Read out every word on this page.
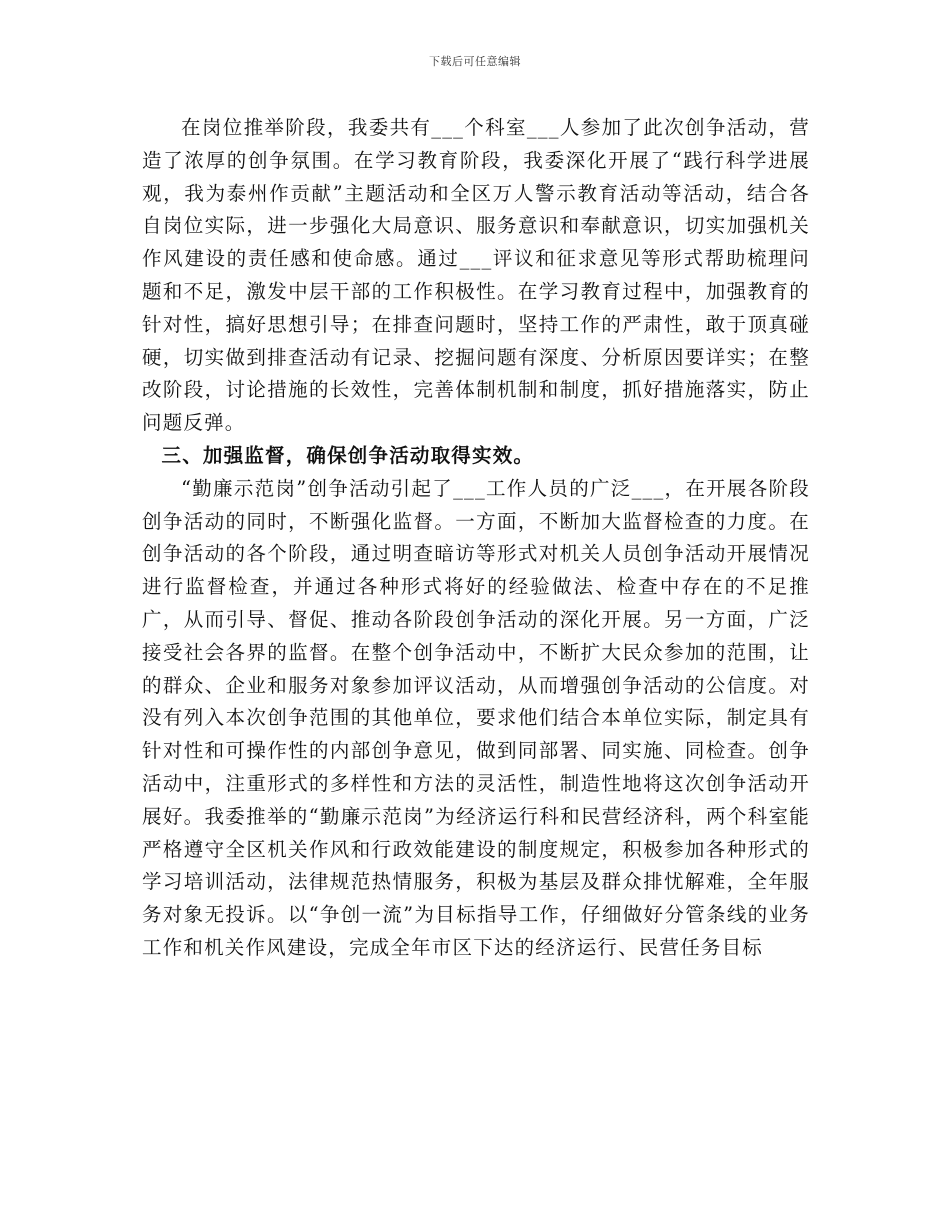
下载后可任意编辑

在岗位推举阶段，我委共有___个科室___人参加了此次创争活动，营造了浓厚的创争氛围。在学习教育阶段，我委深化开展了“践行科学进展观，我为泰州作贡献”主题活动和全区万人警示教育活动等活动，结合各自岗位实际，进一步强化大局意识、服务意识和奉献意识，切实加强机关作风建设的责任感和使命感。通过___评议和征求意见等形式帮助梳理问题和不足，激发中层干部的工作积极性。在学习教育过程中，加强教育的针对性，搞好思想引导；在排查问题时，坚持工作的严肃性，敢于顶真碰硬，切实做到排查活动有记录、挖掘问题有深度、分析原因要详实；在整改阶段，讨论措施的长效性，完善体制机制和制度，抓好措施落实，防止问题反弹。

三、加强监督，确保创争活动取得实效。

“勤廉示范岗”创争活动引起了___工作人员的广泛___，在开展各阶段创争活动的同时，不断强化监督。一方面，不断加大监督检查的力度。在创争活动的各个阶段，通过明查暗访等形式对机关人员创争活动开展情况进行监督检查，并通过各种形式将好的经验做法、检查中存在的不足推广，从而引导、督促、推动各阶段创争活动的深化开展。另一方面，广泛接受社会各界的监督。在整个创争活动中，不断扩大民众参加的范围，让的群众、企业和服务对象参加评议活动，从而增强创争活动的公信度。对没有列入本次创争范围的其他单位，要求他们结合本单位实际，制定具有针对性和可操作性的内部创争意见，做到同部署、同实施、同检查。创争活动中，注重形式的多样性和方法的灵活性，制造性地将这次创争活动开展好。我委推举的“勤廉示范岗”为经济运行科和民营经济科，两个科室能严格遵守全区机关作风和行政效能建设的制度规定，积极参加各种形式的学习培训活动，法律规范热情服务，积极为基层及群众排忧解难，全年服务对象无投诉。以“争创一流”为目标指导工作，仔细做好分管条线的业务工作和机关作风建设，完成全年市区下达的经济运行、民营任务目标
